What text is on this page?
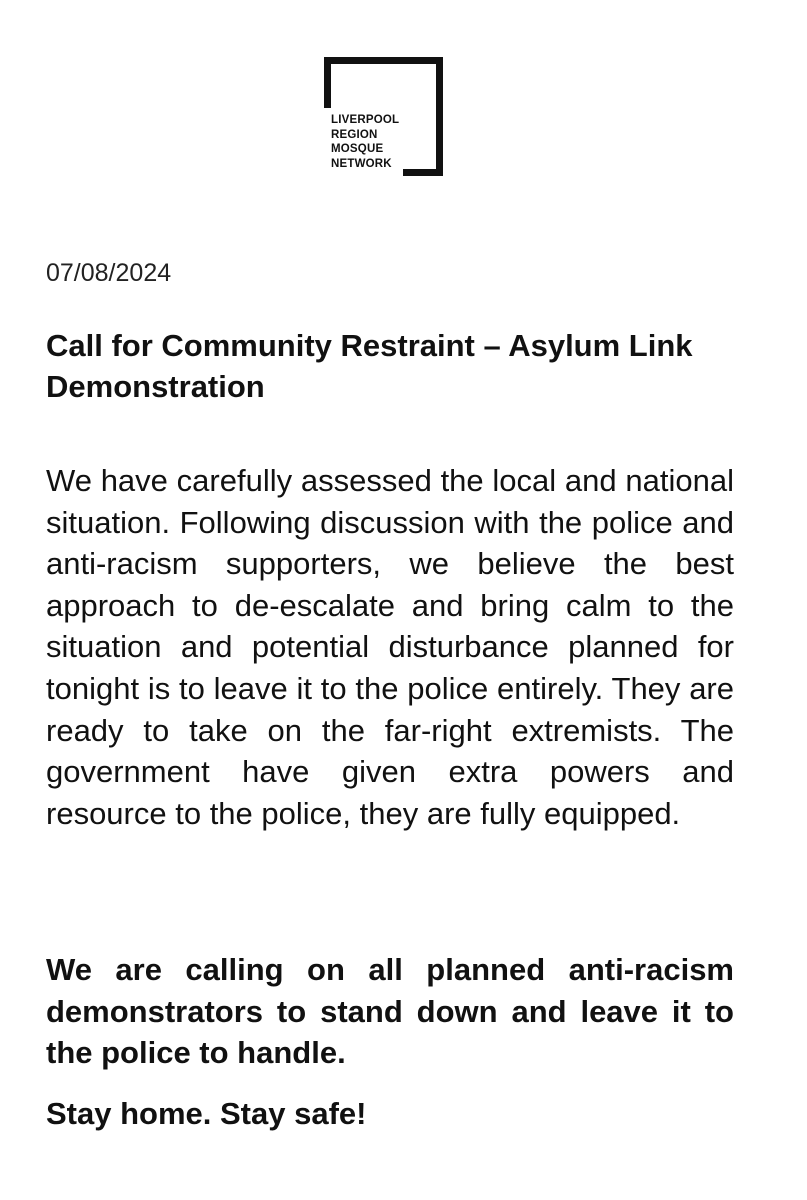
LIVERPOOL
REGION
MOSQUE
NETWORK
07/08/2024
Call for Community Restraint – Asylum Link Demonstration

We have carefully assessed the local and national situation. Following discussion with the police and anti-racism supporters, we believe the best approach to de-escalate and bring calm to the situation and potential disturbance planned for tonight is to leave it to the police entirely. They are ready to take on the far-right extremists. The government have given extra powers and resource to the police, they are fully equipped.

We are calling on all planned anti-racism demonstrators to stand down and leave it to the police to handle.

Stay home. Stay safe!
